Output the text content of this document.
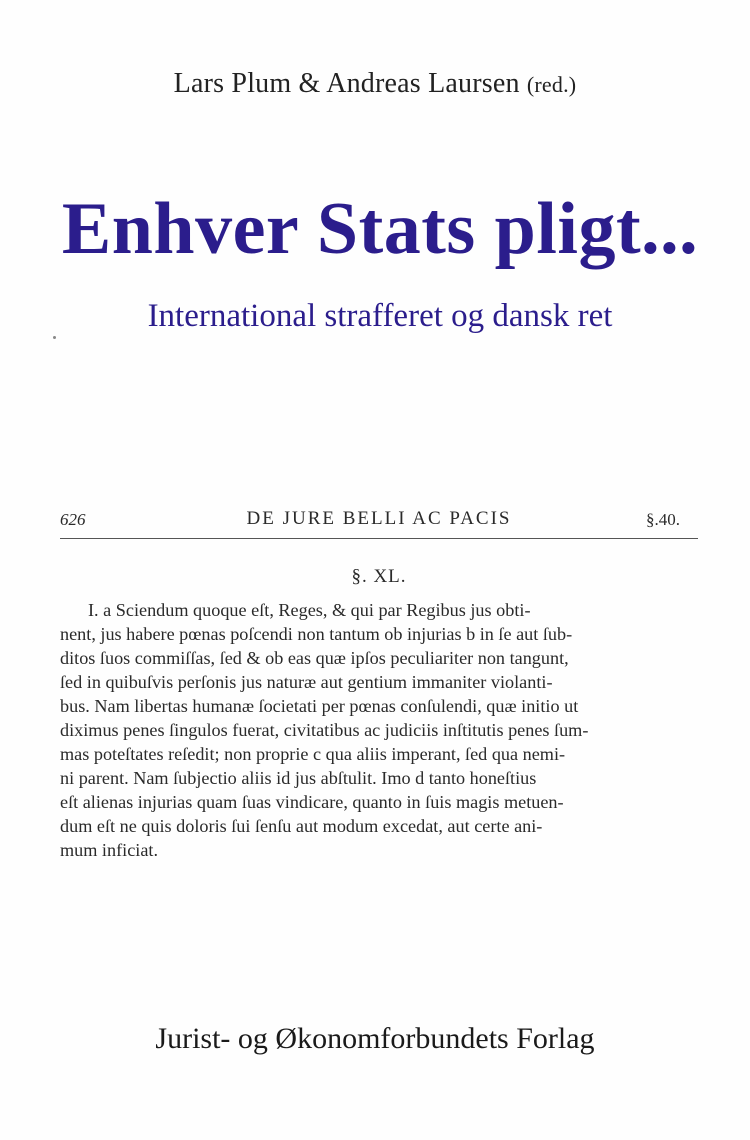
Lars Plum & Andreas Laursen (red.)
Enhver Stats pligt...
International strafferet og dansk ret
626	DE JURE BELLI AC PACIS	§.40.
§. XL.
I. a Sciendum quoque eſt, Reges, & qui par Regibus jus obti-
nent, jus habere pœnas poſcendi non tantum ob injurias b in ſe aut ſub-
ditos ſuos commiſſas, ſed & ob eas quæ ipſos peculiariter non tangunt,
ſed in quibuſvis perſonis jus naturæ aut gentium immaniter violanti-
bus. Nam libertas humanæ ſocietati per pœnas conſulendi, quæ initio ut
diximus penes ſingulos fuerat, civitatibus ac judiciis inſtitutis penes ſum-
mas poteſtates reſedit; non proprie c qua aliis imperant, ſed qua nemi-
ni parent. Nam ſubjectio aliis id jus abſtulit. Imo d tanto honeſtius
eſt alienas injurias quam ſuas vindicare, quanto in ſuis magis metuen-
dum eſt ne quis doloris ſui ſenſu aut modum excedat, aut certe ani-
mum inficiat.
Jurist- og Økonomforbundets Forlag
